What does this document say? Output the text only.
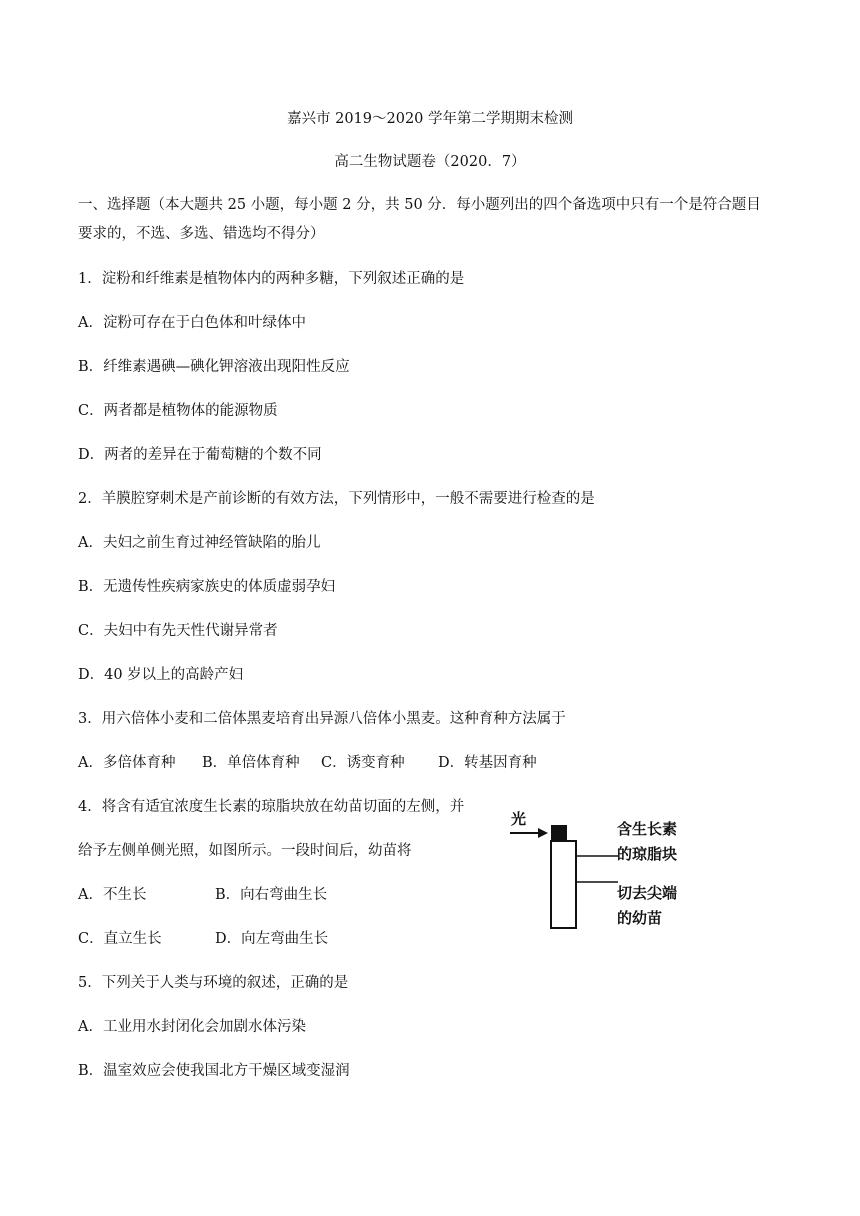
嘉兴市 2019～2020 学年第二学期期末检测
高二生物试题卷（2020．7）
一、选择题（本大题共 25 小题，每小题 2 分，共 50 分．每小题列出的四个备选项中只有一个是符合题目
要求的，不选、多选、错选均不得分）
1．淀粉和纤维素是植物体内的两种多糖，下列叙述正确的是
A．淀粉可存在于白色体和叶绿体中
B．纤维素遇碘—碘化钾溶液出现阳性反应
C．两者都是植物体的能源物质
D．两者的差异在于葡萄糖的个数不同
2．羊膜腔穿刺术是产前诊断的有效方法，下列情形中，一般不需要进行检查的是
A．夫妇之前生育过神经管缺陷的胎儿
B．无遗传性疾病家族史的体质虚弱孕妇
C．夫妇中有先天性代谢异常者
D．40 岁以上的高龄产妇
3．用六倍体小麦和二倍体黑麦培育出异源八倍体小黑麦。这种育种方法属于
A．多倍体育种 B．单倍体育种 C．诱变育种 D．转基因育种
4．将含有适宜浓度生长素的琼脂块放在幼苗切面的左侧，并
给予左侧单侧光照，如图所示。一段时间后，幼苗将
A．不生长	B．向右弯曲生长
C．直立生长	D．向左弯曲生长
光
含生长素
的琼脂块
切去尖端
的幼苗
5．下列关于人类与环境的叙述，正确的是
A．工业用水封闭化会加剧水体污染
B．温室效应会使我国北方干燥区域变湿润
